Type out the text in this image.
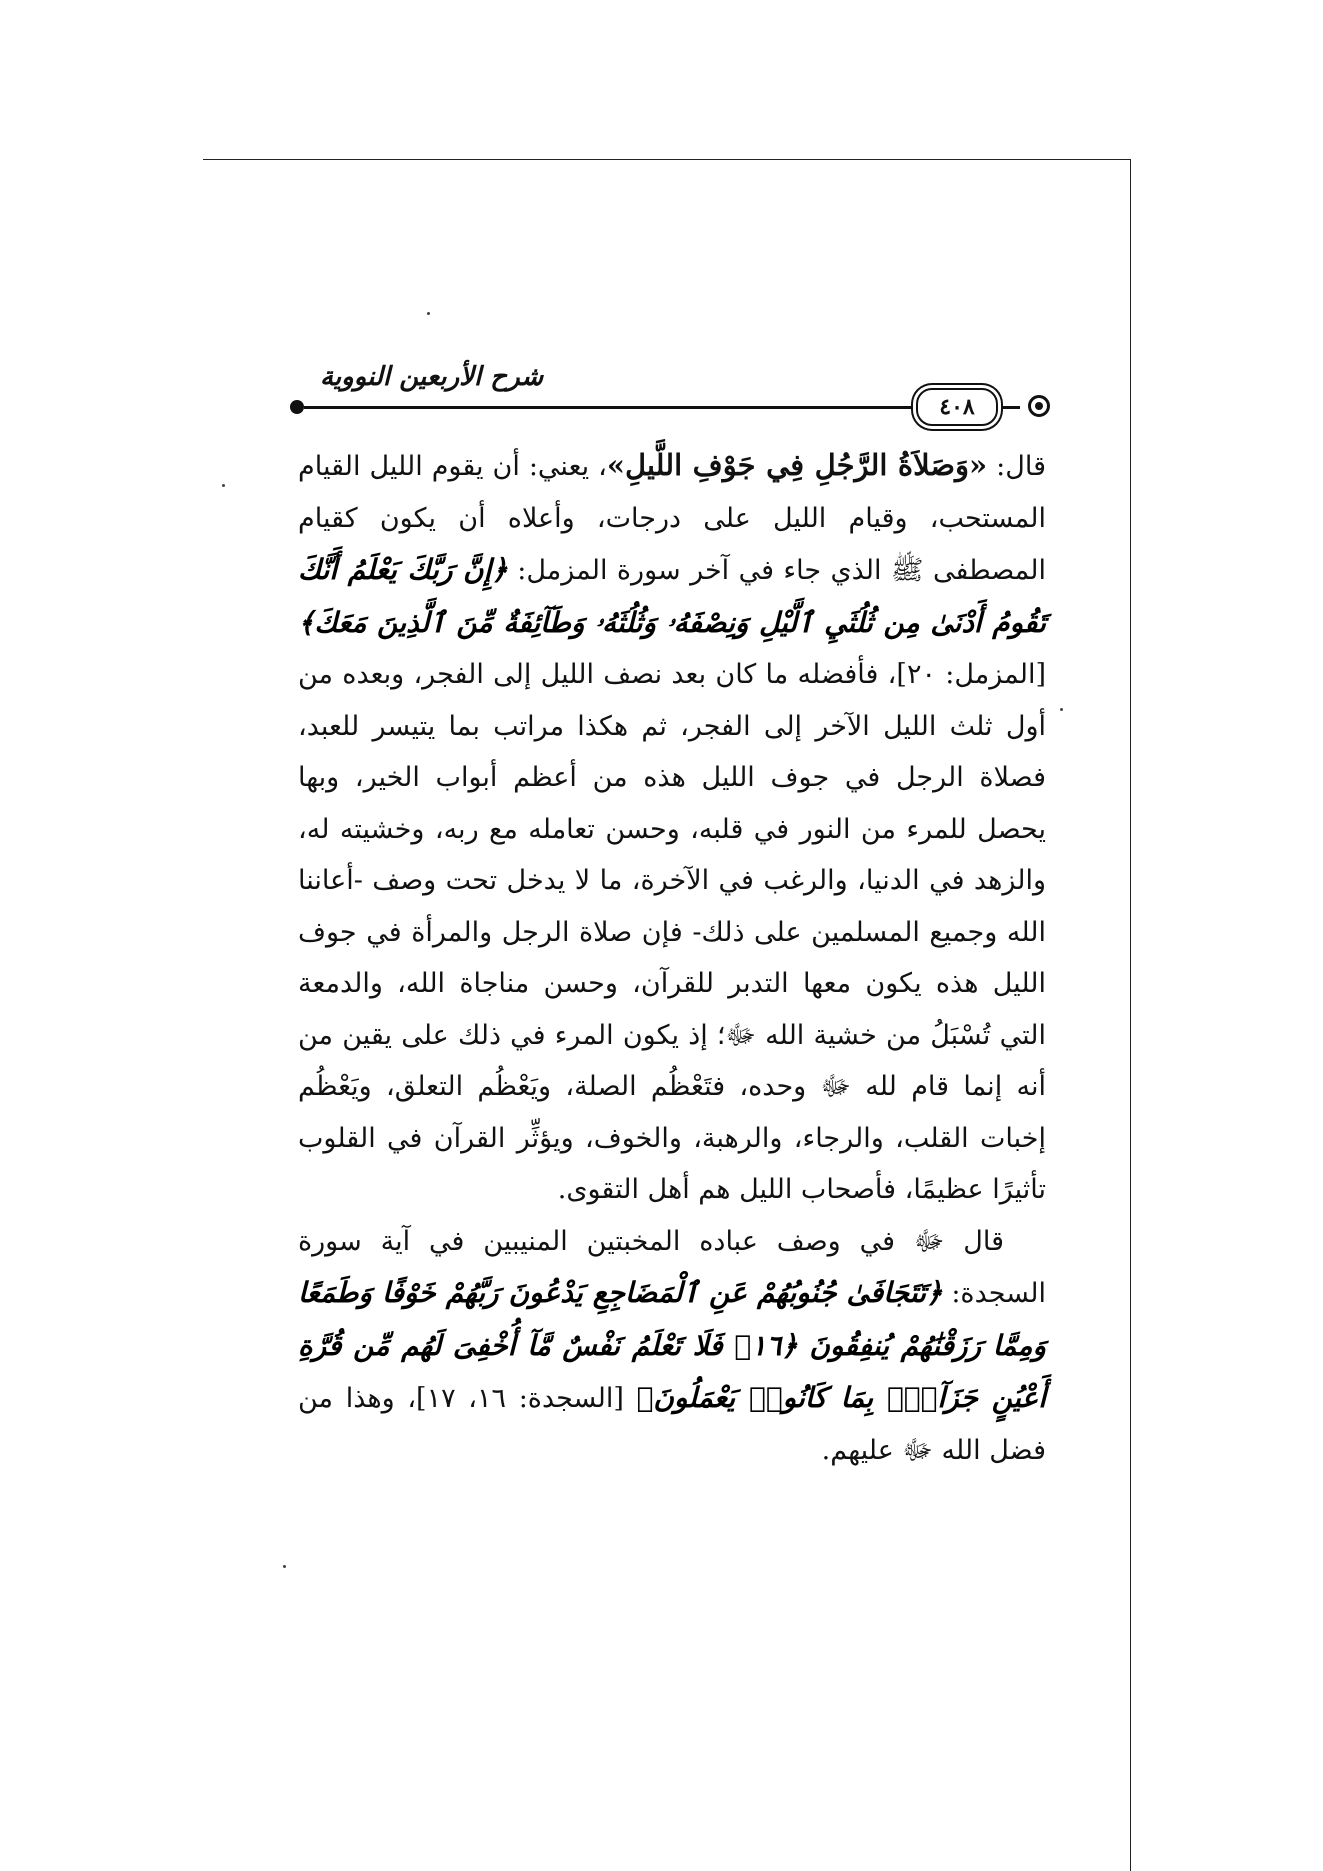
شرح الأربعين النووية
٤٠٨

قال: «وَصَلاَةُ الرَّجُلِ فِي جَوْفِ اللَّيلِ»، يعني: أن يقوم الليل القيام المستحب، وقيام الليل على درجات، وأعلاه أن يكون كقيام المصطفى ﷺ الذي جاء في آخر سورة المزمل: ﴿إِنَّ رَبَّكَ يَعْلَمُ أَنَّكَ تَقُومُ أَدْنَىٰ مِن ثُلُثَيِ ٱلَّيْلِ وَنِصْفَهُۥ وَثُلُثَهُۥ وَطَآئِفَةٌ مِّنَ ٱلَّذِينَ مَعَكَ﴾ [المزمل: ٢٠]، فأفضله ما كان بعد نصف الليل إلى الفجر، وبعده من أول ثلث الليل الآخر إلى الفجر، ثم هكذا مراتب بما يتيسر للعبد، فصلاة الرجل في جوف الليل هذه من أعظم أبواب الخير، وبها يحصل للمرء من النور في قلبه، وحسن تعامله مع ربه، وخشيته له، والزهد في الدنيا، والرغب في الآخرة، ما لا يدخل تحت وصف -أعاننا الله وجميع المسلمين على ذلك- فإن صلاة الرجل والمرأة في جوف الليل هذه يكون معها التدبر للقرآن، وحسن مناجاة الله، والدمعة التي تُسْبَلُ من خشية الله ﷻ؛ إذ يكون المرء في ذلك على يقين من أنه إنما قام لله ﷻ وحده، فتَعْظُم الصلة، ويَعْظُم التعلق، ويَعْظُم إخبات القلب، والرجاء، والرهبة، والخوف، ويؤثِّر القرآن في القلوب تأثيرًا عظيمًا، فأصحاب الليل هم أهل التقوى.

قال ﷻ في وصف عباده المخبتين المنيبين في آية سورة السجدة: ﴿تَتَجَافَىٰ جُنُوبُهُمْ عَنِ ٱلْمَضَاجِعِ يَدْعُونَ رَبَّهُمْ خَوْفًا وَطَمَعًا وَمِمَّا رَزَقْنَٰهُمْ يُنفِقُونَ ﴿١٦﴾ فَلَا تَعْلَمُ نَفْسٌ مَّآ أُخْفِىَ لَهُم مِّن قُرَّةِ أَعْيُنٍ جَزَآءًۢ بِمَا كَانُوا۟ يَعْمَلُونَ﴾ [السجدة: ١٦، ١٧]، وهذا من فضل الله ﷻ عليهم.
